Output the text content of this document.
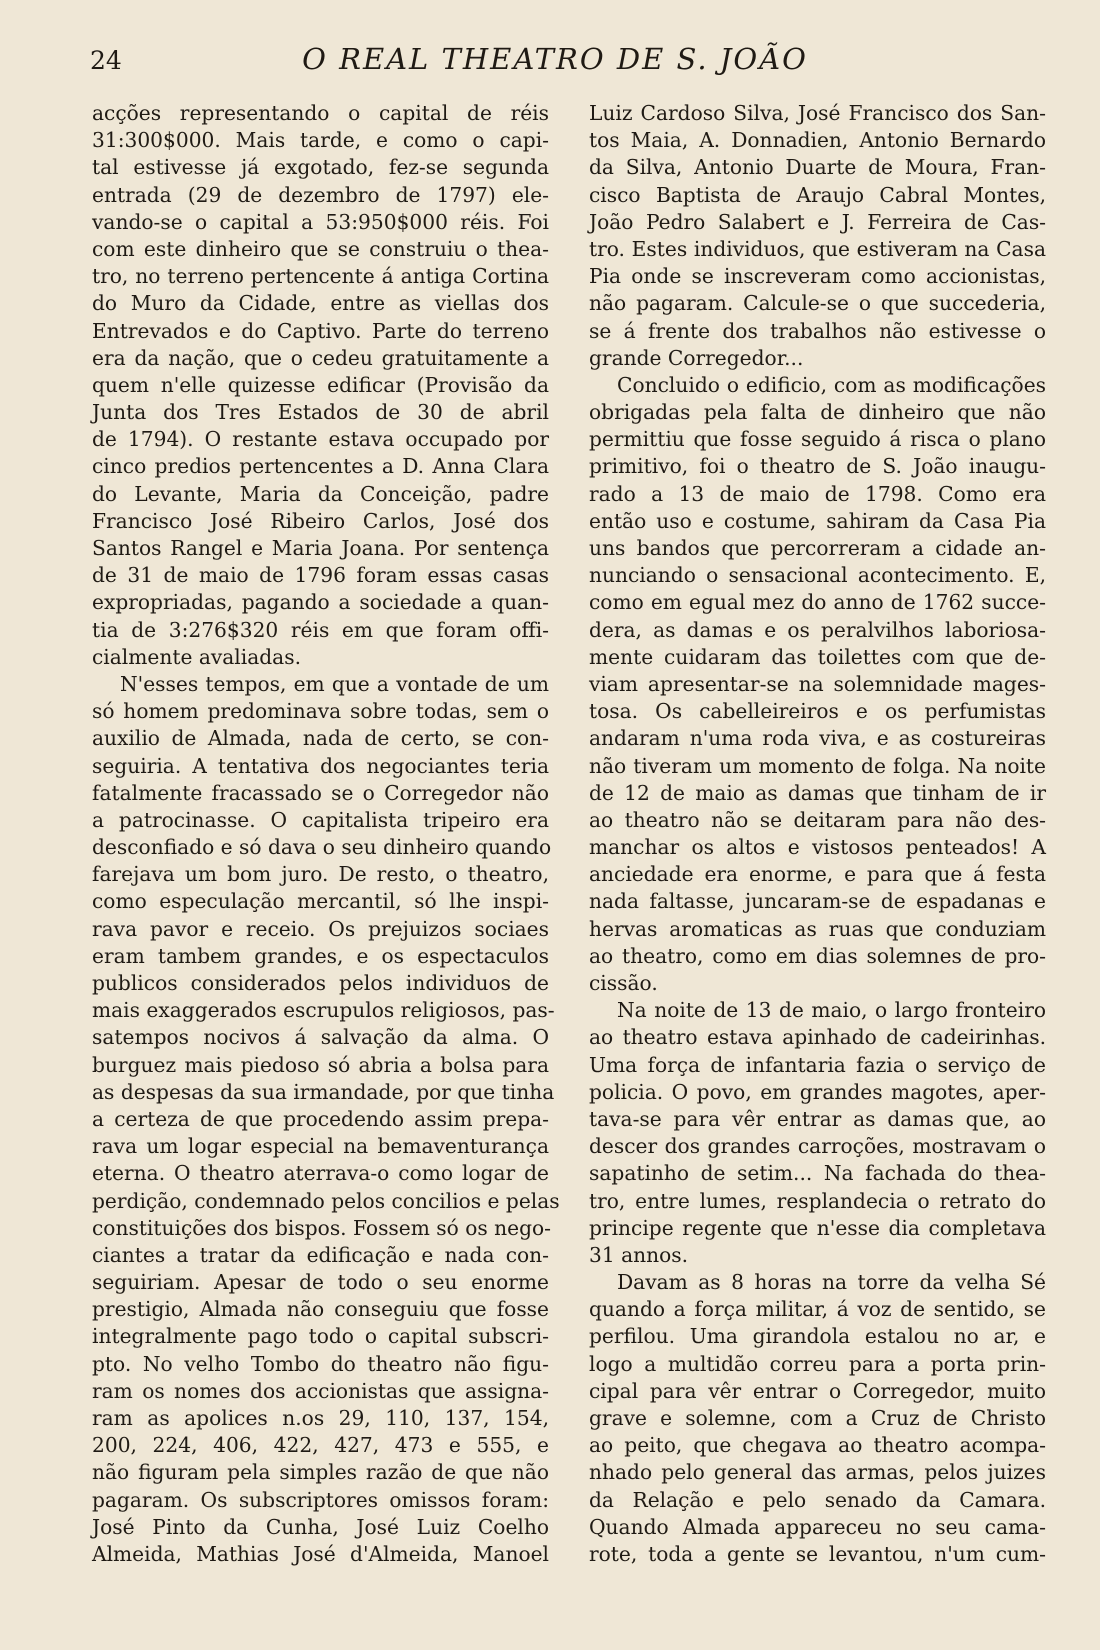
24	O REAL THEATRO DE S. JOÃO
acções representando o capital de réis
31:300$000. Mais tarde, e como o capi-
tal estivesse já exgotado, fez-se segunda
entrada (29 de dezembro de 1797) ele-
vando-se o capital a 53:950$000 réis. Foi
com este dinheiro que se construiu o thea-
tro, no terreno pertencente á antiga Cortina
do Muro da Cidade, entre as viellas dos
Entrevados e do Captivo. Parte do terreno
era da nação, que o cedeu gratuitamente a
quem n'elle quizesse edificar (Provisão da
Junta dos Tres Estados de 30 de abril
de 1794). O restante estava occupado por
cinco predios pertencentes a D. Anna Clara
do Levante, Maria da Conceição, padre
Francisco José Ribeiro Carlos, José dos
Santos Rangel e Maria Joana. Por sentença
de 31 de maio de 1796 foram essas casas
expropriadas, pagando a sociedade a quan-
tia de 3:276$320 réis em que foram offi-
cialmente avaliadas.
N'esses tempos, em que a vontade de um
só homem predominava sobre todas, sem o
auxilio de Almada, nada de certo, se con-
seguiria. A tentativa dos negociantes teria
fatalmente fracassado se o Corregedor não
a patrocinasse. O capitalista tripeiro era
desconfiado e só dava o seu dinheiro quando
farejava um bom juro. De resto, o theatro,
como especulação mercantil, só lhe inspi-
rava pavor e receio. Os prejuizos sociaes
eram tambem grandes, e os espectaculos
publicos considerados pelos individuos de
mais exaggerados escrupulos religiosos, pas-
satempos nocivos á salvação da alma. O
burguez mais piedoso só abria a bolsa para
as despesas da sua irmandade, por que tinha
a certeza de que procedendo assim prepa-
rava um logar especial na bemaventurança
eterna. O theatro aterrava-o como logar de
perdição, condemnado pelos concilios e pelas
constituições dos bispos. Fossem só os nego-
ciantes a tratar da edificação e nada con-
seguiriam. Apesar de todo o seu enorme
prestigio, Almada não conseguiu que fosse
integralmente pago todo o capital subscri-
pto. No velho Tombo do theatro não figu-
ram os nomes dos accionistas que assigna-
ram as apolices n.os 29, 110, 137, 154,
200, 224, 406, 422, 427, 473 e 555, e
não figuram pela simples razão de que não
pagaram. Os subscriptores omissos foram:
José Pinto da Cunha, José Luiz Coelho
Almeida, Mathias José d'Almeida, Manoel
Luiz Cardoso Silva, José Francisco dos San-
tos Maia, A. Donnadien, Antonio Bernardo
da Silva, Antonio Duarte de Moura, Fran-
cisco Baptista de Araujo Cabral Montes,
João Pedro Salabert e J. Ferreira de Cas-
tro. Estes individuos, que estiveram na Casa
Pia onde se inscreveram como accionistas,
não pagaram. Calcule-se o que succederia,
se á frente dos trabalhos não estivesse o
grande Corregedor...
Concluido o edificio, com as modificações
obrigadas pela falta de dinheiro que não
permittiu que fosse seguido á risca o plano
primitivo, foi o theatro de S. João inaugu-
rado a 13 de maio de 1798. Como era
então uso e costume, sahiram da Casa Pia
uns bandos que percorreram a cidade an-
nunciando o sensacional acontecimento. E,
como em egual mez do anno de 1762 succe-
dera, as damas e os peralvilhos laboriosa-
mente cuidaram das toilettes com que de-
viam apresentar-se na solemnidade mages-
tosa. Os cabelleireiros e os perfumistas
andaram n'uma roda viva, e as costureiras
não tiveram um momento de folga. Na noite
de 12 de maio as damas que tinham de ir
ao theatro não se deitaram para não des-
manchar os altos e vistosos penteados! A
anciedade era enorme, e para que á festa
nada faltasse, juncaram-se de espadanas e
hervas aromaticas as ruas que conduziam
ao theatro, como em dias solemnes de pro-
cissão.
Na noite de 13 de maio, o largo fronteiro
ao theatro estava apinhado de cadeirinhas.
Uma força de infantaria fazia o serviço de
policia. O povo, em grandes magotes, aper-
tava-se para vêr entrar as damas que, ao
descer dos grandes carroções, mostravam o
sapatinho de setim... Na fachada do thea-
tro, entre lumes, resplandecia o retrato do
principe regente que n'esse dia completava
31 annos.
Davam as 8 horas na torre da velha Sé
quando a força militar, á voz de sentido, se
perfilou. Uma girandola estalou no ar, e
logo a multidão correu para a porta prin-
cipal para vêr entrar o Corregedor, muito
grave e solemne, com a Cruz de Christo
ao peito, que chegava ao theatro acompa-
nhado pelo general das armas, pelos juizes
da Relação e pelo senado da Camara.
Quando Almada appareceu no seu cama-
rote, toda a gente se levantou, n'um cum-
